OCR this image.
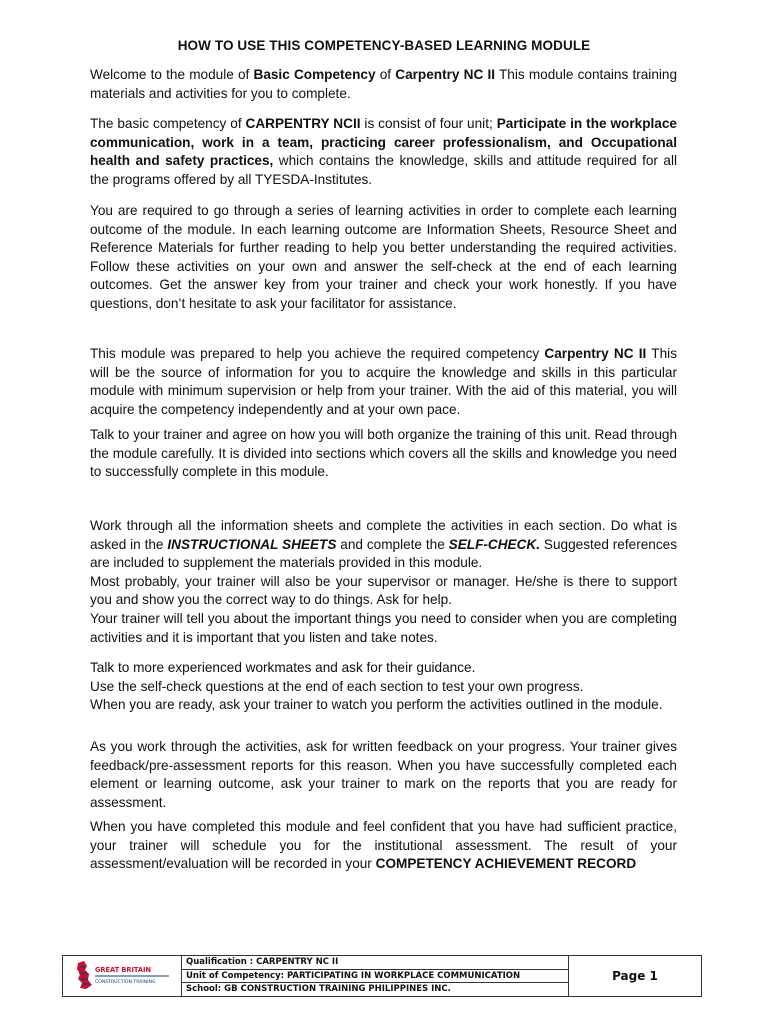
HOW TO USE THIS COMPETENCY-BASED LEARNING MODULE

Welcome to the module of Basic Competency of Carpentry NC II This module contains training materials and activities for you to complete.

The basic competency of CARPENTRY NCII is consist of four unit; Participate in the workplace communication, work in a team, practicing career professionalism, and Occupational health and safety practices, which contains the knowledge, skills and attitude required for all the programs offered by all TYESDA-Institutes.

You are required to go through a series of learning activities in order to complete each learning outcome of the module. In each learning outcome are Information Sheets, Resource Sheet and Reference Materials for further reading to help you better understanding the required activities. Follow these activities on your own and answer the self-check at the end of each learning outcomes. Get the answer key from your trainer and check your work honestly. If you have questions, don’t hesitate to ask your facilitator for assistance.

This module was prepared to help you achieve the required competency Carpentry NC II This will be the source of information for you to acquire the knowledge and skills in this particular module with minimum supervision or help from your trainer. With the aid of this material, you will acquire the competency independently and at your own pace.

Talk to your trainer and agree on how you will both organize the training of this unit. Read through the module carefully. It is divided into sections which covers all the skills and knowledge you need to successfully complete in this module.

Work through all the information sheets and complete the activities in each section. Do what is asked in the INSTRUCTIONAL SHEETS and complete the SELF-CHECK. Suggested references are included to supplement the materials provided in this module.

Most probably, your trainer will also be your supervisor or manager. He/she is there to support you and show you the correct way to do things. Ask for help.

Your trainer will tell you about the important things you need to consider when you are completing activities and it is important that you listen and take notes.

Talk to more experienced workmates and ask for their guidance.

Use the self-check questions at the end of each section to test your own progress.

When you are ready, ask your trainer to watch you perform the activities outlined in the module.

As you work through the activities, ask for written feedback on your progress. Your trainer gives feedback/pre-assessment reports for this reason. When you have successfully completed each element or learning outcome, ask your trainer to mark on the reports that you are ready for assessment.

When you have completed this module and feel confident that you have had sufficient practice, your trainer will schedule you for the institutional assessment. The result of your assessment/evaluation will be recorded in your COMPETENCY ACHIEVEMENT RECORD

GREAT BRITAIN
CONSTRUCTION TRAINING
Qualification : CARPENTRY NC II
Unit of Competency: PARTICIPATING IN WORKPLACE COMMUNICATION
School: GB CONSTRUCTION TRAINING PHILIPPINES INC.
Page 1
